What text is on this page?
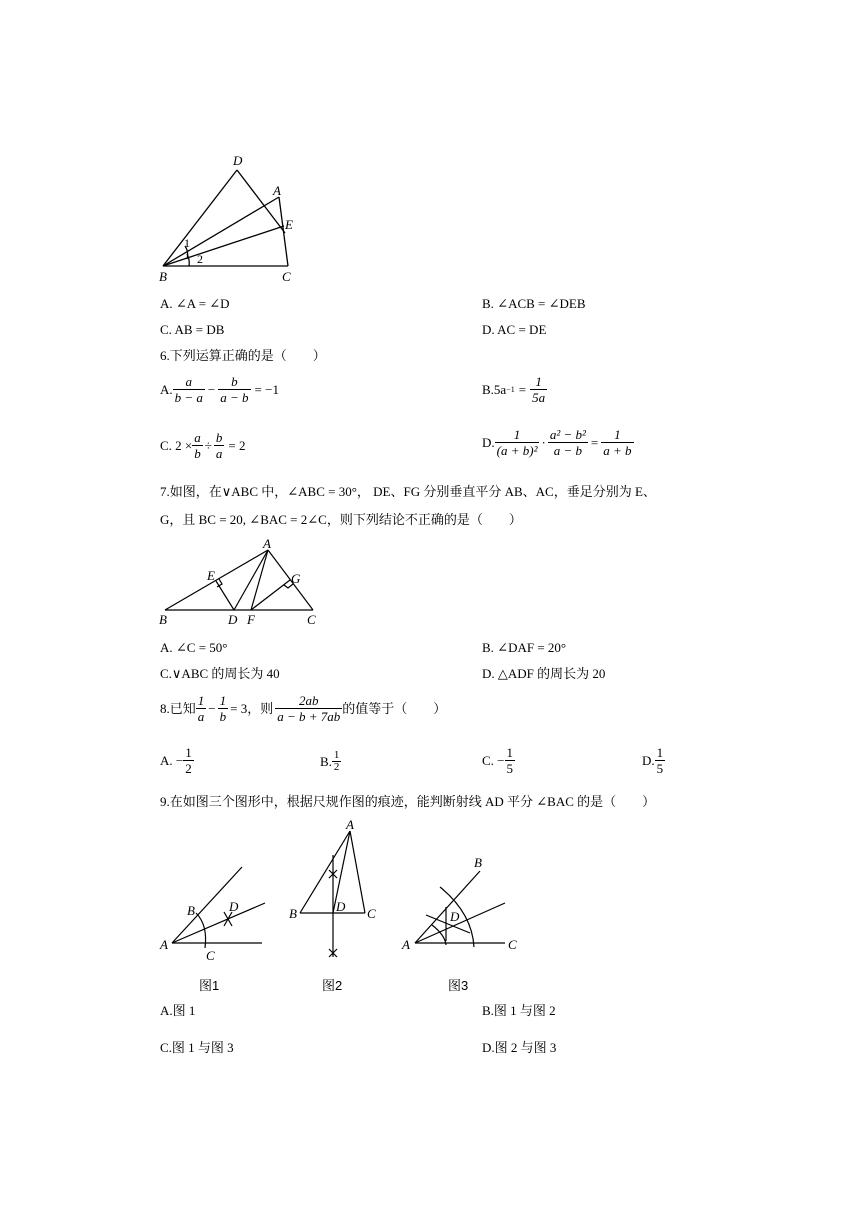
D
A
E
B	C
1
2
A. ∠A = ∠D	B. ∠ACB = ∠DEB
C. AB = DB	D. AC = DE
6.下列运算正确的是（　　）
A. $\frac{a}{b - a} - \frac{b}{a - b} = -1$	$B.5a -1 = \frac{1}{5a}$
C. $2 \times \frac{a}{b} \div \frac{b}{a} = 2$	D. $\frac{1}{\text{(a + b)²}} \cdot \frac{\text{a² − b²}}{a - b} = \frac{1}{a + b}$
7.如图，在∨ABC 中，∠ABC = 30°， DE、FG 分别垂直平分 AB、AC，垂足分别为 E、
G，且 BC = 20, ∠BAC = 2∠C，则下列结论不正确的是（　　）
A
E	G
B	D F	C
A. ∠C = 50°	B. ∠DAF = 20°
C.∨ABC 的周长为 40	D. △ADF 的周长为 20
8.已知 $\frac{1}{a} - \frac{1}{b} = 3$，则 $\frac{2ab}{a - b + 7ab}$ 的值等于（　　）
A. − $\frac{1}{2}$	B. $\frac{1}{2}$	C. − $\frac{1}{5}$	D. $\frac{1}{5}$
9.在如图三个图形中，根据尺规作图的痕迹，能判断射线 AD 平分 ∠BAC 的是（　　）
A
B	D
C
A
B	D C
B
D
A	C
图1	图2	图3
A.图 1	B.图 1 与图 2
C.图 1 与图 3	D.图 2 与图 3
